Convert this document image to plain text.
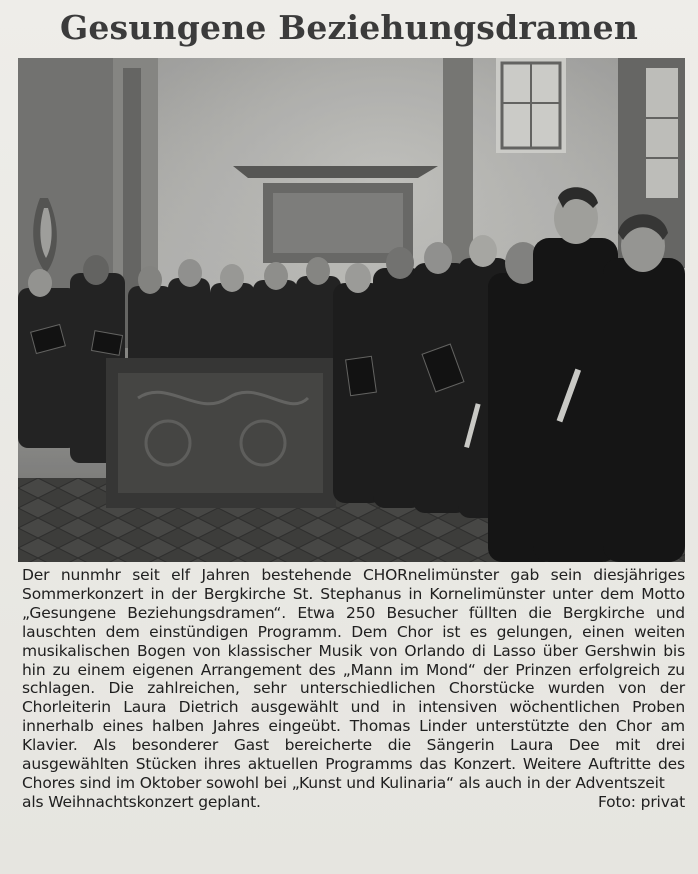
Gesungene Beziehungsdramen

Der nunmhr seit elf Jahren bestehende CHORnelimünster gab sein diesjähriges Sommerkonzert in der Bergkirche St. Stephanus in Kornelimünster unter dem Motto „Gesungene Beziehungsdramen“. Etwa 250 Besucher füllten die Bergkirche und lauschten dem einstündigen Programm. Dem Chor ist es gelungen, einen weiten musikalischen Bogen von klassischer Musik von Orlando di Lasso über Gershwin bis hin zu einem eigenen Arrangement des „Mann im Mond“ der Prinzen erfolgreich zu schlagen. Die zahlreichen, sehr unterschiedlichen Chorstücke wurden von der Chorleiterin Laura Dietrich ausgewählt und in intensiven wöchentlichen Proben innerhalb eines halben Jahres eingeübt. Thomas Linder unterstützte den Chor am Klavier. Als besonderer Gast bereicherte die Sängerin Laura Dee mit drei ausgewählten Stücken ihres aktuellen Programms das Konzert. Weitere Auftritte des Chores sind im Oktober sowohl bei „Kunst und Kulinaria“ als auch in der Adventszeit

als Weihnachtskonzert geplant.	Foto: privat
